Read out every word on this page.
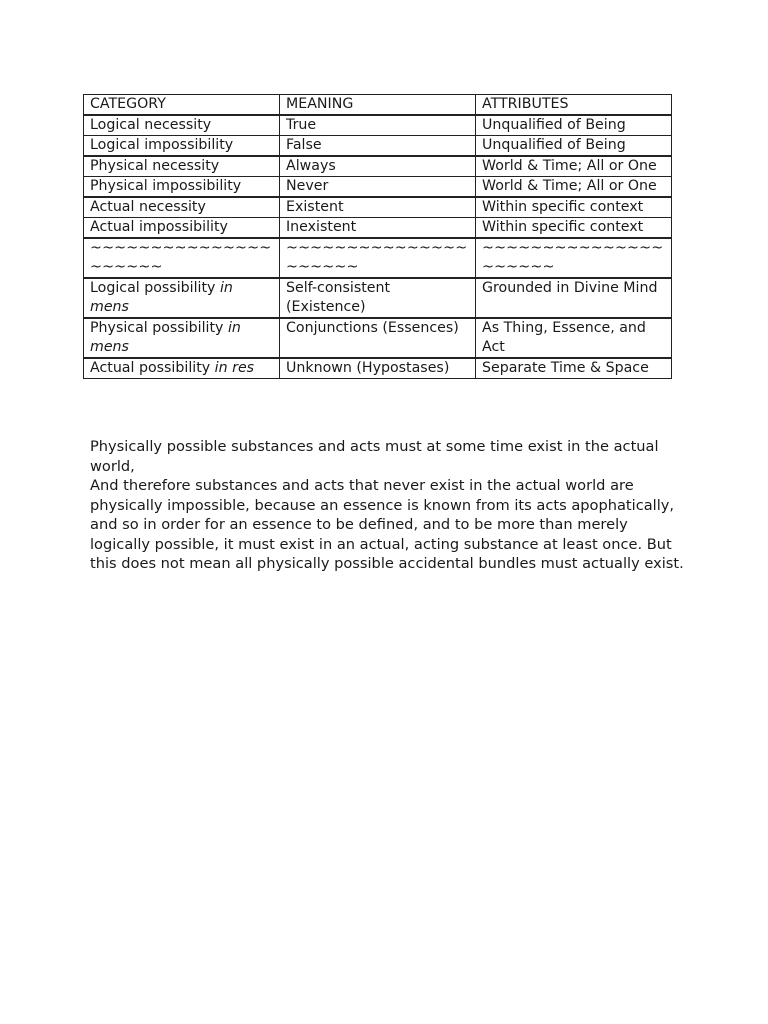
CATEGORY	MEANING	ATTRIBUTES
Logical necessity	True	Unqualified of Being
Logical impossibility	False	Unqualified of Being
Physical necessity	Always	World & Time; All or One
Physical impossibility	Never	World & Time; All or One
Actual necessity	Existent	Within specific context
Actual impossibility	Inexistent	Within specific context
~~~~~~~~~~~~~~~~~~~~~	~~~~~~~~~~~~~~~~~~~~~	~~~~~~~~~~~~~~~~~~~~~
Logical possibility in mens	Self-consistent (Existence)	Grounded in Divine Mind
Physical possibility in mens	Conjunctions (Essences)	As Thing, Essence, and Act
Actual possibility in res	Unknown (Hypostases)	Separate Time & Space

Physically possible substances and acts must at some time exist in the actual world,

And therefore substances and acts that never exist in the actual world are physically impossible, because an essence is known from its acts apophatically, and so in order for an essence to be defined, and to be more than merely logically possible, it must exist in an actual, acting substance at least once. But this does not mean all physically possible accidental bundles must actually exist.
